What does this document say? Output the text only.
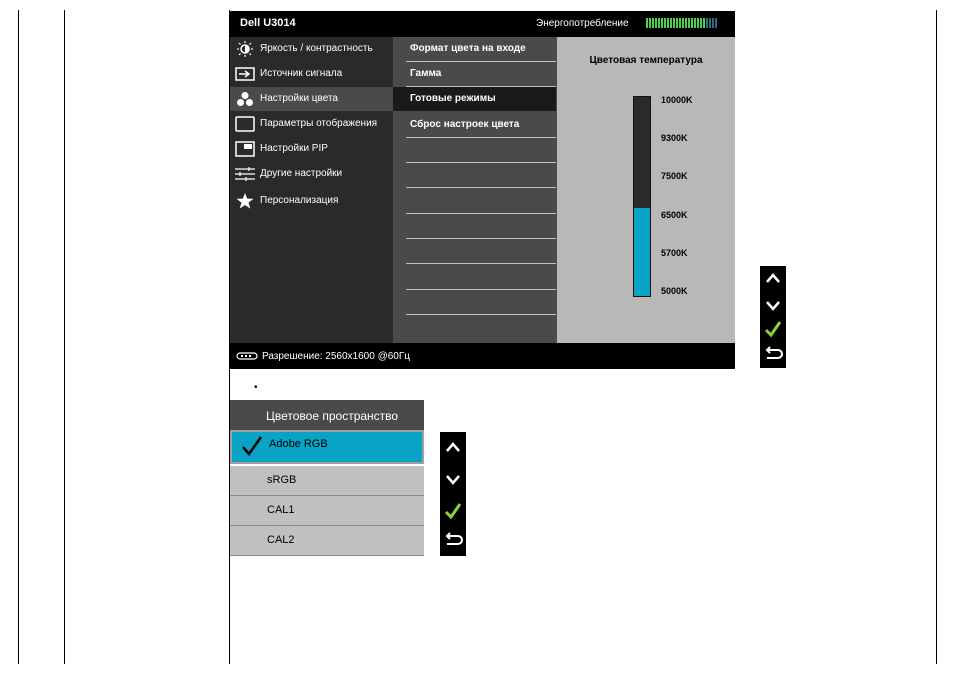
Dell U3014	Энергопотребление
Яркость / контрастность
Источник сигнала
Настройки цвета
Параметры отображения
Настройки PIP
Другие настройки
Персонализация
Формат цвета на входе
Гамма
Готовые режимы
Сброс настроек цвета
Цветовая температура
10000K
9300K
7500K
6500K
5700K
5000K
Разрешение: 2560x1600 @60Гц
•
Цветовое пространство
Adobe RGB
sRGB
CAL1
CAL2
